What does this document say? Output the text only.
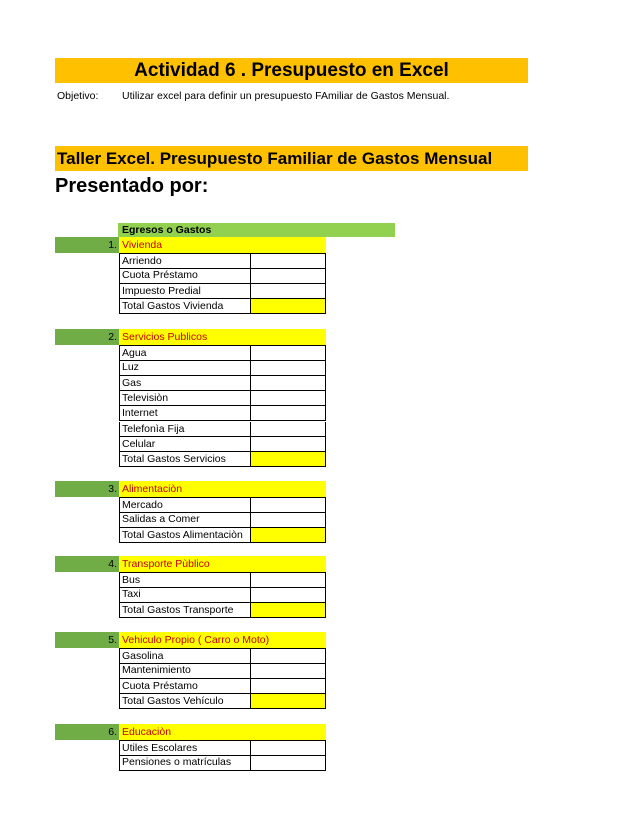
Actividad 6 . Presupuesto en Excel
Objetivo: Utilizar excel para definir un presupuesto FAmiliar de Gastos Mensual.
Taller Excel. Presupuesto Familiar de Gastos Mensual
Presentado por:
Egresos o Gastos
1. Vivienda
Arriendo
Cuota Préstamo
Impuesto Predial
Total Gastos Vivienda
2. Servicios Publicos
Agua
Luz
Gas
Televisiòn
Internet
Telefonìa Fija
Celular
Total Gastos Servicios
3. Alimentaciòn
Mercado
Salidas a Comer
Total Gastos Alimentaciòn
4. Transporte Pùblico
Bus
Taxi
Total Gastos Transporte
5. Vehiculo Propio ( Carro o Moto)
Gasolina
Mantenimiento
Cuota Préstamo
Total Gastos Vehículo
6. Educaciòn
Utiles Escolares
Pensiones o matrículas
